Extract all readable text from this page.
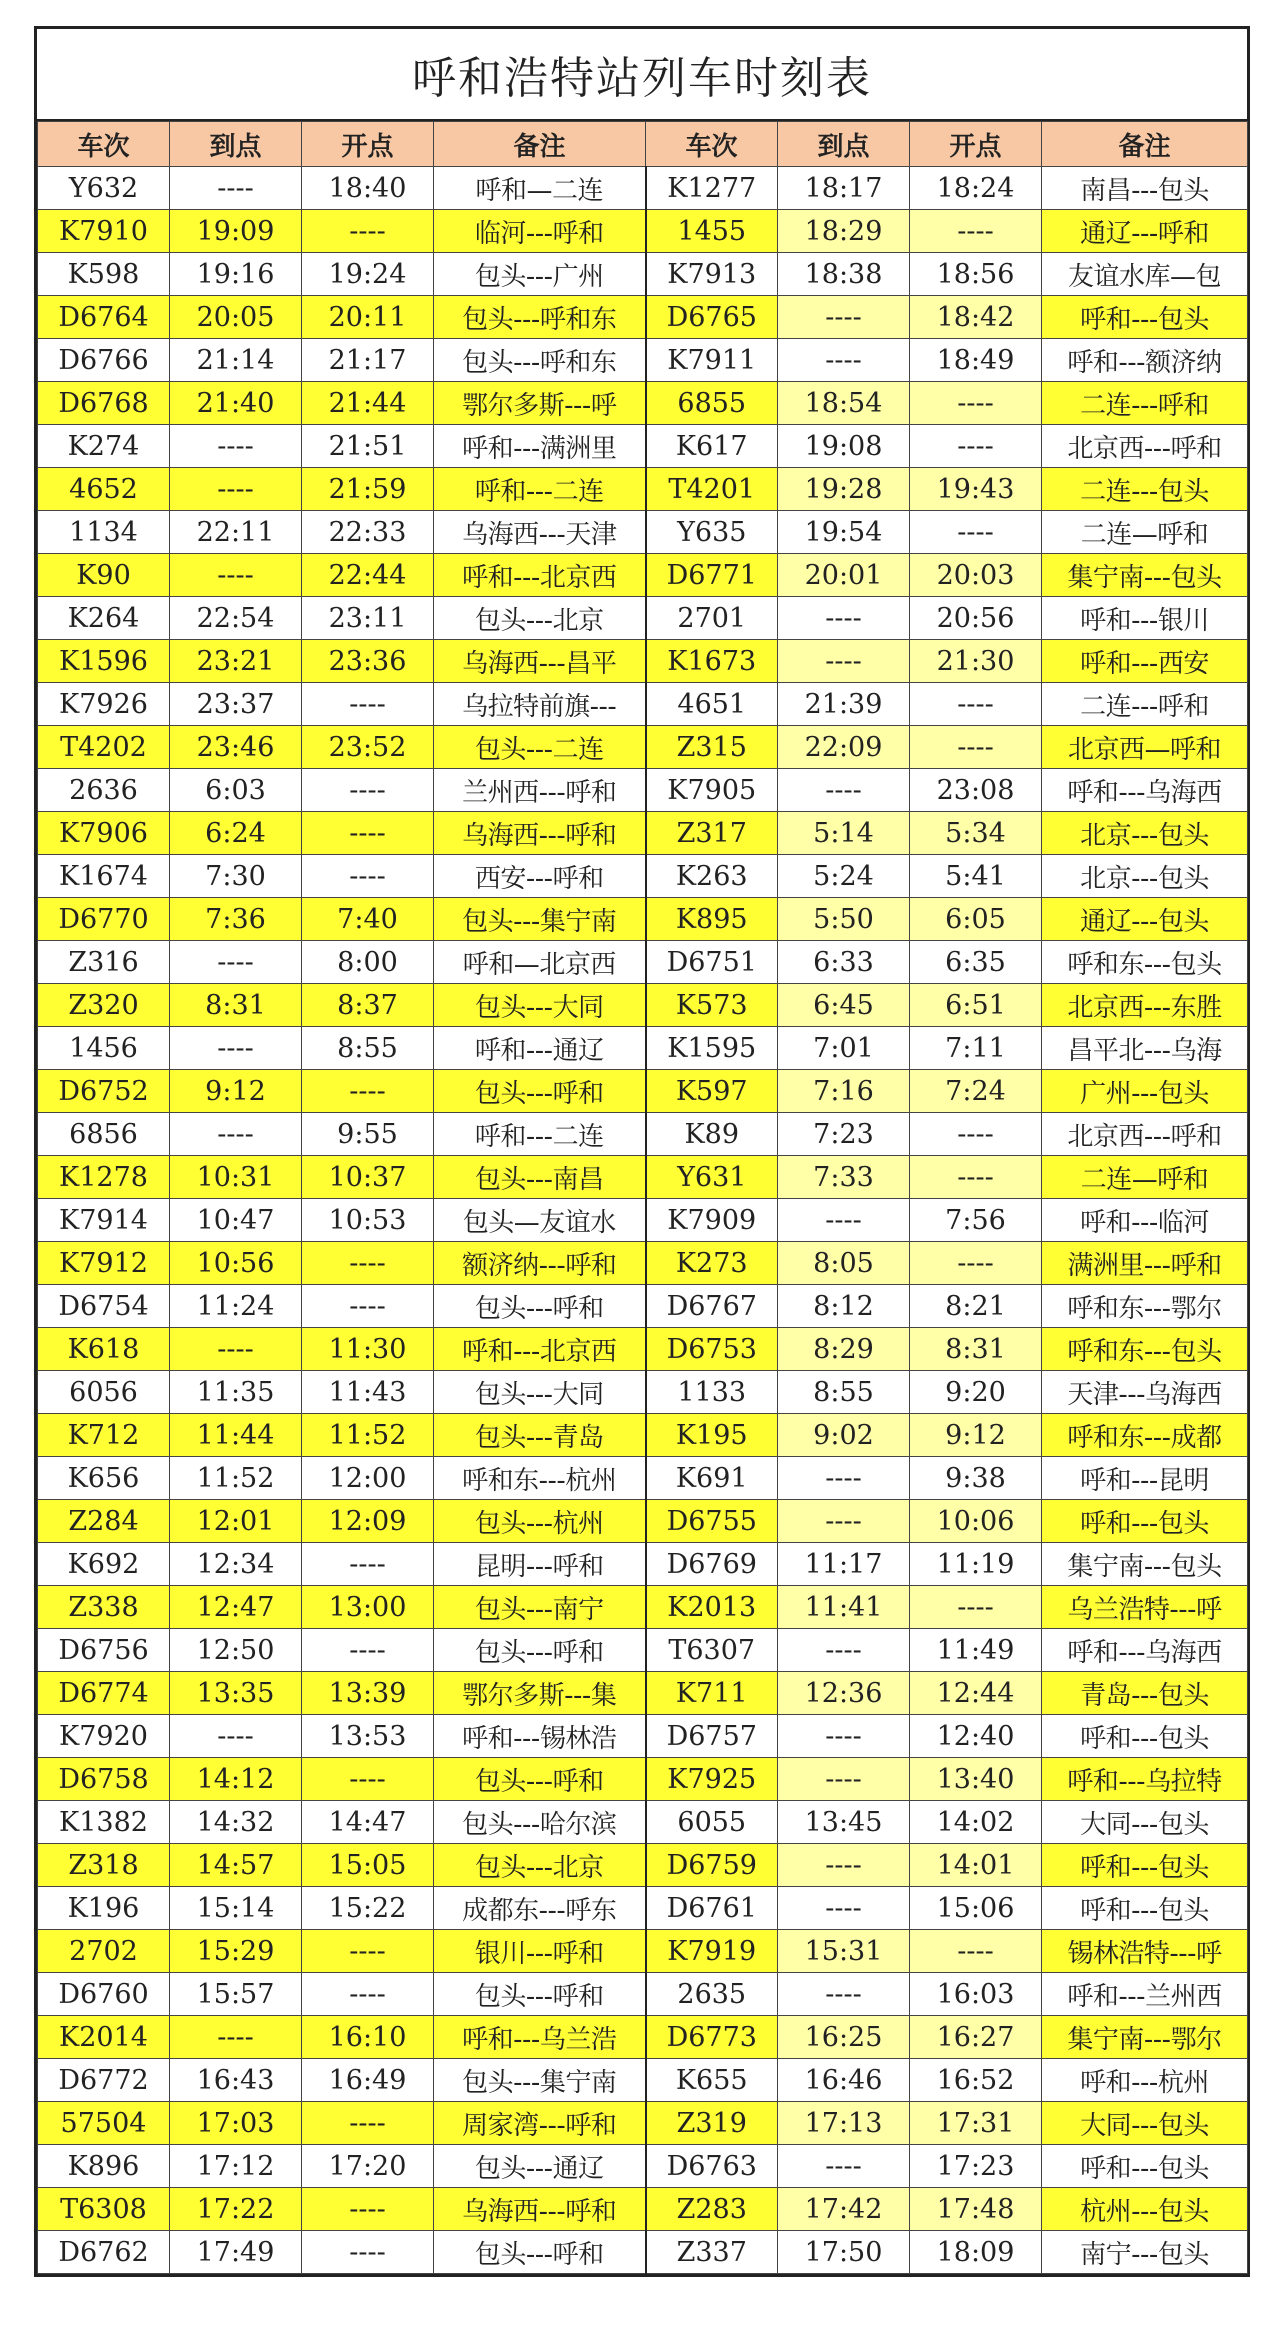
呼和浩特站列车时刻表
车次	到点	开点	备注	车次	到点	开点	备注
Y632	----	18:40	呼和—二连	K1277	18:17	18:24	南昌---包头
K7910	19:09	----	临河---呼和	1455	18:29	----	通辽---呼和
K598	19:16	19:24	包头---广州	K7913	18:38	18:56	友谊水库—包
D6764	20:05	20:11	包头---呼和东	D6765	----	18:42	呼和---包头
D6766	21:14	21:17	包头---呼和东	K7911	----	18:49	呼和---额济纳
D6768	21:40	21:44	鄂尔多斯---呼	6855	18:54	----	二连---呼和
K274	----	21:51	呼和---满洲里	K617	19:08	----	北京西---呼和
4652	----	21:59	呼和---二连	T4201	19:28	19:43	二连---包头
1134	22:11	22:33	乌海西---天津	Y635	19:54	----	二连—呼和
K90	----	22:44	呼和---北京西	D6771	20:01	20:03	集宁南---包头
K264	22:54	23:11	包头---北京	2701	----	20:56	呼和---银川
K1596	23:21	23:36	乌海西---昌平	K1673	----	21:30	呼和---西安
K7926	23:37	----	乌拉特前旗---	4651	21:39	----	二连---呼和
T4202	23:46	23:52	包头---二连	Z315	22:09	----	北京西—呼和
2636	6:03	----	兰州西---呼和	K7905	----	23:08	呼和---乌海西
K7906	6:24	----	乌海西---呼和	Z317	5:14	5:34	北京---包头
K1674	7:30	----	西安---呼和	K263	5:24	5:41	北京---包头
D6770	7:36	7:40	包头---集宁南	K895	5:50	6:05	通辽---包头
Z316	----	8:00	呼和—北京西	D6751	6:33	6:35	呼和东---包头
Z320	8:31	8:37	包头---大同	K573	6:45	6:51	北京西---东胜
1456	----	8:55	呼和---通辽	K1595	7:01	7:11	昌平北---乌海
D6752	9:12	----	包头---呼和	K597	7:16	7:24	广州---包头
6856	----	9:55	呼和---二连	K89	7:23	----	北京西---呼和
K1278	10:31	10:37	包头---南昌	Y631	7:33	----	二连—呼和
K7914	10:47	10:53	包头—友谊水	K7909	----	7:56	呼和---临河
K7912	10:56	----	额济纳---呼和	K273	8:05	----	满洲里---呼和
D6754	11:24	----	包头---呼和	D6767	8:12	8:21	呼和东---鄂尔
K618	----	11:30	呼和---北京西	D6753	8:29	8:31	呼和东---包头
6056	11:35	11:43	包头---大同	1133	8:55	9:20	天津---乌海西
K712	11:44	11:52	包头---青岛	K195	9:02	9:12	呼和东---成都
K656	11:52	12:00	呼和东---杭州	K691	----	9:38	呼和---昆明
Z284	12:01	12:09	包头---杭州	D6755	----	10:06	呼和---包头
K692	12:34	----	昆明---呼和	D6769	11:17	11:19	集宁南---包头
Z338	12:47	13:00	包头---南宁	K2013	11:41	----	乌兰浩特---呼
D6756	12:50	----	包头---呼和	T6307	----	11:49	呼和---乌海西
D6774	13:35	13:39	鄂尔多斯---集	K711	12:36	12:44	青岛---包头
K7920	----	13:53	呼和---锡林浩	D6757	----	12:40	呼和---包头
D6758	14:12	----	包头---呼和	K7925	----	13:40	呼和---乌拉特
K1382	14:32	14:47	包头---哈尔滨	6055	13:45	14:02	大同---包头
Z318	14:57	15:05	包头---北京	D6759	----	14:01	呼和---包头
K196	15:14	15:22	成都东---呼东	D6761	----	15:06	呼和---包头
2702	15:29	----	银川---呼和	K7919	15:31	----	锡林浩特---呼
D6760	15:57	----	包头---呼和	2635	----	16:03	呼和---兰州西
K2014	----	16:10	呼和---乌兰浩	D6773	16:25	16:27	集宁南---鄂尔
D6772	16:43	16:49	包头---集宁南	K655	16:46	16:52	呼和---杭州
57504	17:03	----	周家湾---呼和	Z319	17:13	17:31	大同---包头
K896	17:12	17:20	包头---通辽	D6763	----	17:23	呼和---包头
T6308	17:22	----	乌海西---呼和	Z283	17:42	17:48	杭州---包头
D6762	17:49	----	包头---呼和	Z337	17:50	18:09	南宁---包头
